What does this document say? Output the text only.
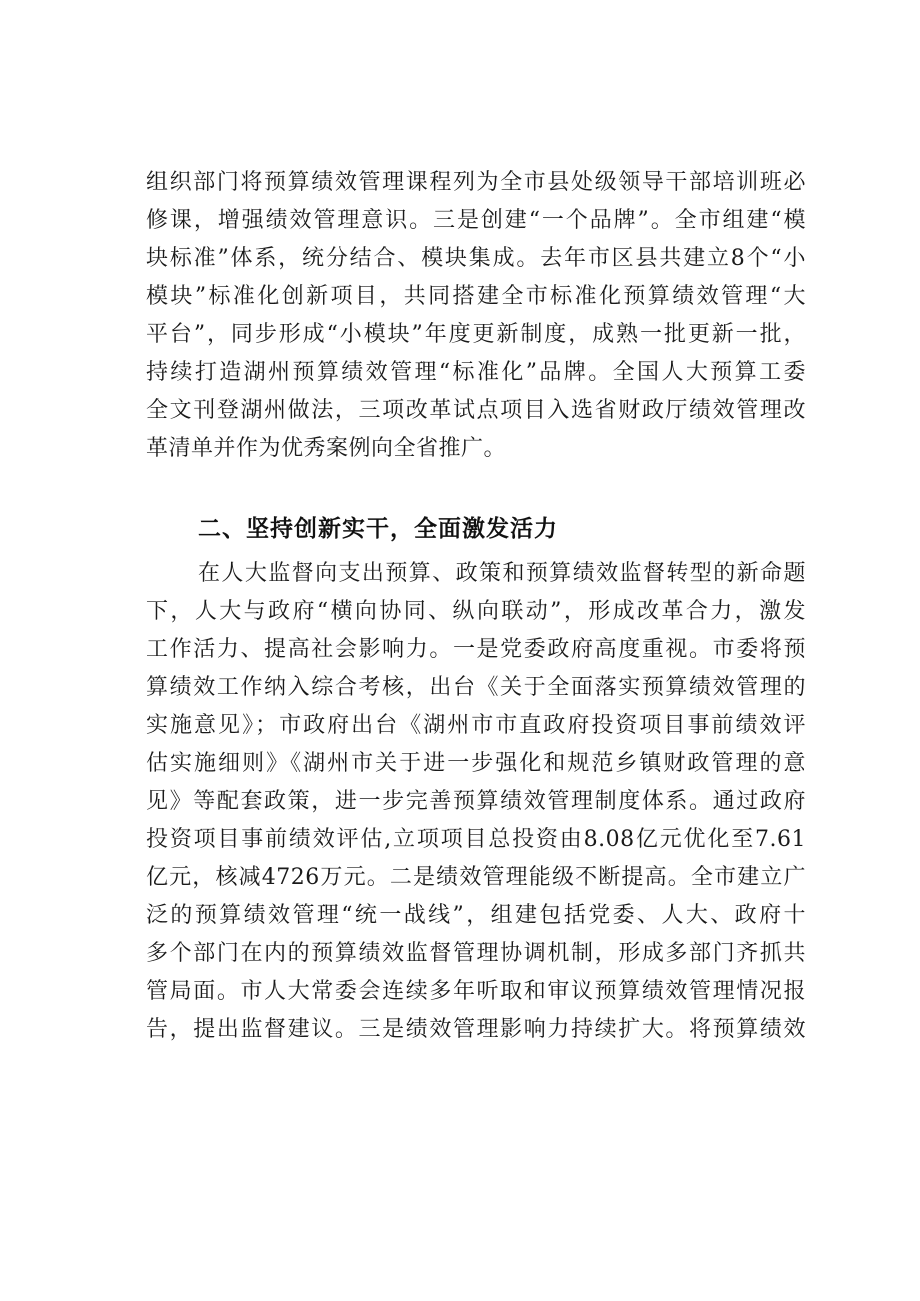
组织部门将预算绩效管理课程列为全市县处级领导干部培训班必
修课，增强绩效管理意识。三是创建“一个品牌”。全市组建“模
块标准”体系，统分结合、模块集成。去年市区县共建立8个“小
模块”标准化创新项目，共同搭建全市标准化预算绩效管理“大
平台”，同步形成“小模块”年度更新制度，成熟一批更新一批，
持续打造湖州预算绩效管理“标准化”品牌。全国人大预算工委
全文刊登湖州做法，三项改革试点项目入选省财政厅绩效管理改
革清单并作为优秀案例向全省推广。
二、坚持创新实干，全面激发活力
在人大监督向支出预算、政策和预算绩效监督转型的新命题
下，人大与政府“横向协同、纵向联动”，形成改革合力，激发
工作活力、提高社会影响力。一是党委政府高度重视。市委将预
算绩效工作纳入综合考核，出台《关于全面落实预算绩效管理的
实施意见》；市政府出台《湖州市市直政府投资项目事前绩效评
估实施细则》《湖州市关于进一步强化和规范乡镇财政管理的意
见》等配套政策，进一步完善预算绩效管理制度体系。通过政府
投资项目事前绩效评估,立项项目总投资由8.08亿元优化至7.61
亿元，核减4726万元。二是绩效管理能级不断提高。全市建立广
泛的预算绩效管理“统一战线”，组建包括党委、人大、政府十
多个部门在内的预算绩效监督管理协调机制，形成多部门齐抓共
管局面。市人大常委会连续多年听取和审议预算绩效管理情况报
告，提出监督建议。三是绩效管理影响力持续扩大。将预算绩效
